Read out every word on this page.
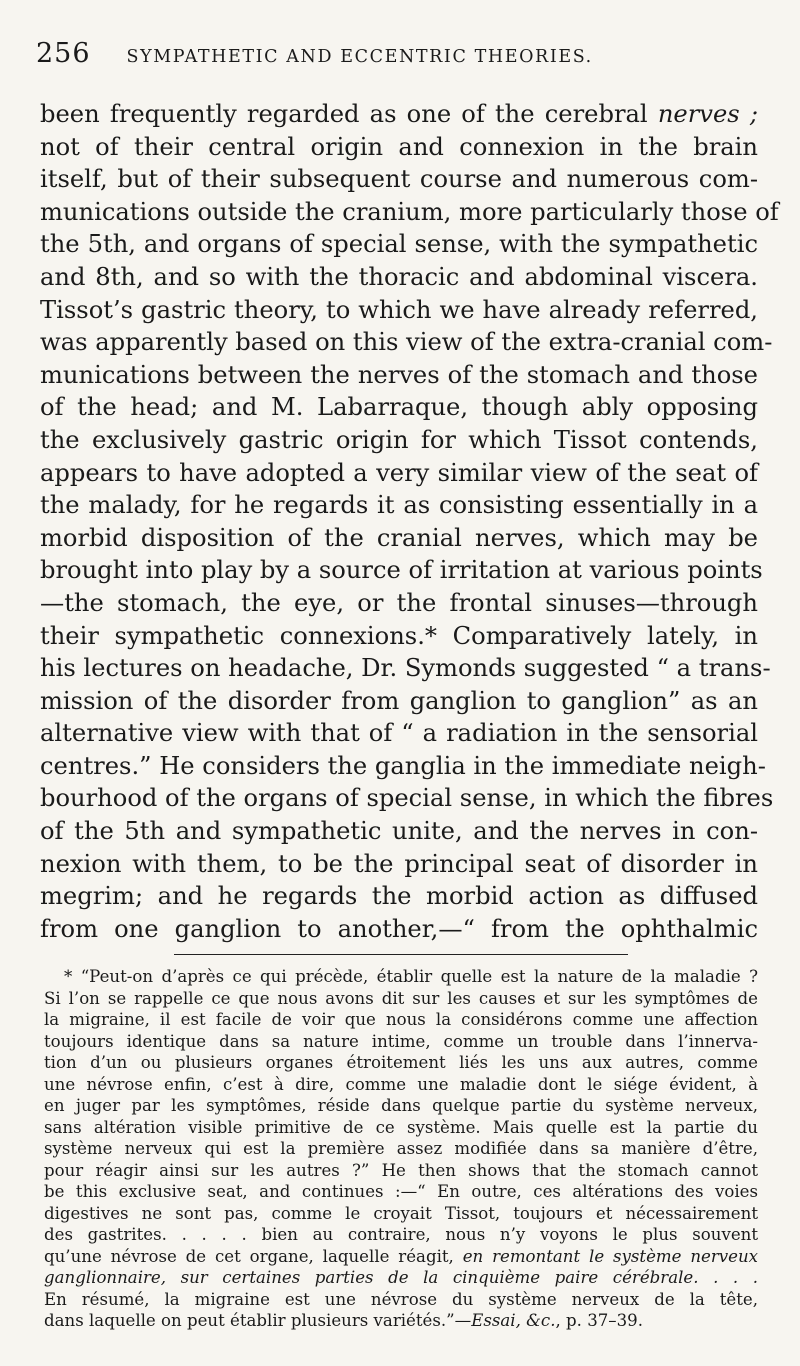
256 SYMPATHETIC AND ECCENTRIC THEORIES.
been frequently regarded as one of the cerebral nerves ;
not of their central origin and connexion in the brain
itself, but of their subsequent course and numerous com-
munications outside the cranium, more particularly those of
the 5th, and organs of special sense, with the sympathetic
and 8th, and so with the thoracic and abdominal viscera.
Tissot’s gastric theory, to which we have already referred,
was apparently based on this view of the extra-cranial com-
munications between the nerves of the stomach and those
of the head; and M. Labarraque, though ably opposing
the exclusively gastric origin for which Tissot contends,
appears to have adopted a very similar view of the seat of
the malady, for he regards it as consisting essentially in a
morbid disposition of the cranial nerves, which may be
brought into play by a source of irritation at various points
—the stomach, the eye, or the frontal sinuses—through
their sympathetic connexions.* Comparatively lately, in
his lectures on headache, Dr. Symonds suggested “ a trans-
mission of the disorder from ganglion to ganglion” as an
alternative view with that of “ a radiation in the sensorial
centres.” He considers the ganglia in the immediate neigh-
bourhood of the organs of special sense, in which the fibres
of the 5th and sympathetic unite, and the nerves in con-
nexion with them, to be the principal seat of disorder in
megrim; and he regards the morbid action as diffused
from one ganglion to another,—“ from the ophthalmic
* “Peut-on d’après ce qui précède, établir quelle est la nature de la maladie ?
Si l’on se rappelle ce que nous avons dit sur les causes et sur les symptômes de
la migraine, il est facile de voir que nous la considérons comme une affection
toujours identique dans sa nature intime, comme un trouble dans l’innerva-
tion d’un ou plusieurs organes étroitement liés les uns aux autres, comme
une névrose enfin, c’est à dire, comme une maladie dont le siége évident, à
en juger par les symptômes, réside dans quelque partie du système nerveux,
sans altération visible primitive de ce système. Mais quelle est la partie du
système nerveux qui est la première assez modifiée dans sa manière d’être,
pour réagir ainsi sur les autres ?” He then shows that the stomach cannot
be this exclusive seat, and continues :—“ En outre, ces altérations des voies
digestives ne sont pas, comme le croyait Tissot, toujours et nécessairement
des gastrites. . . . . bien au contraire, nous n’y voyons le plus souvent
qu’une névrose de cet organe, laquelle réagit, en remontant le système nerveux
ganglionnaire, sur certaines parties de la cinquième paire cérébrale. . . .
En résumé, la migraine est une névrose du système nerveux de la tête,
dans laquelle on peut établir plusieurs variétés.”—Essai, &c., p. 37–39.
